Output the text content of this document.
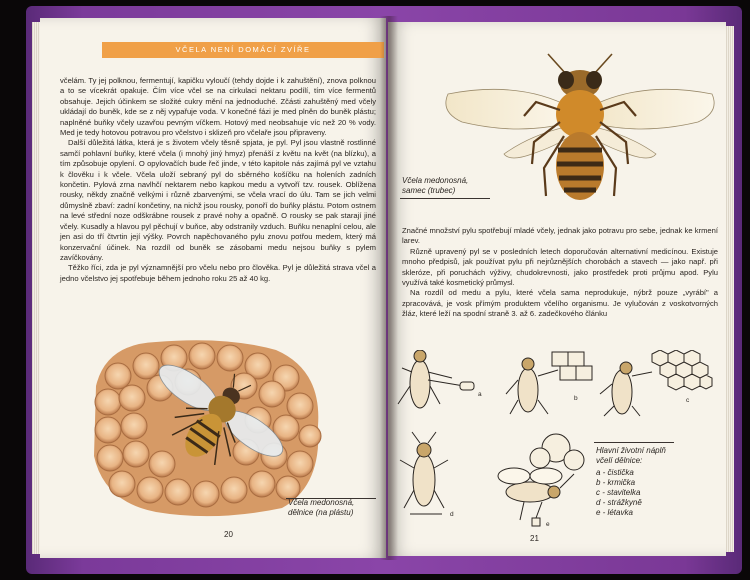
VČELA NENÍ DOMÁCÍ ZVÍŘE

včelám. Ty jej polknou, fermentují, kapičku vyloučí (tehdy dojde i k zahuštění), znova polknou a to se vícekrát opakuje. Čím více včel se na cirkulaci nektaru podílí, tím více fermentů obsahuje. Jejich účinkem se složité cukry mění na jednoduché. Zčásti zahuštěný med včely ukládají do buněk, kde se z něj vypařuje voda. V konečné fázi je med plněn do buněk plástu; naplněné buňky včely uzavřou pevným víčkem. Hotový med neobsahuje víc než 20 % vody. Med je tedy hotovou potravou pro včelstvo i sklizeň pro včelaře jsou připraveny.

Další důležitá látka, která je s životem včely těsně spjata, je pyl. Pyl jsou vlastně rostlinné samčí pohlavní buňky, které včela (i mnohý jiný hmyz) přenáší z květu na květ (na blízku), a tím způsobuje opylení. O opylovačích bude řeč jinde, v této kapitole nás zajímá pyl ve vztahu k člověku i k včele. Včela uloží sebraný pyl do sběrného košíčku na holeních zadních končetin. Pylová zrna navlhčí nektarem nebo kapkou medu a vytvoří tzv. rousek. Oblížena rousky, někdy značně velkými i různě zbarvenými, se včela vrací do úlu. Tam se jich velmi důmyslně zbaví: zadní končetiny, na nichž jsou rousky, ponoří do buňky plástu. Potom ostnem na levé střední noze odškrábne rousek z pravé nohy a opačně. O rousky se pak starají jiné včely. Kusadly a hlavou pyl pěchují v buňce, aby odstranily vzduch. Buňku nenaplní celou, ale jen asi do tří čtvrtin její výšky. Povrch napěchovaného pylu znovu potřou medem, který má konzervační účinek. Na rozdíl od buněk se zásobami medu nejsou buňky s pylem zavíčkovány.

Těžko říci, zda je pyl významnější pro včelu nebo pro člověka. Pyl je důležitá strava včel a jedno včelstvo jej spotřebuje během jednoho roku 25 až 40 kg.

Včela medonosná,
dělnice (na plástu)
20
Včela medonosná,
samec (trubec)

Značné množství pylu spotřebují mladé včely, jednak jako potravu pro sebe, jednak ke krmení larev.

Různě upravený pyl se v posledních letech doporučován alternativní medicínou. Existuje mnoho předpisů, jak používat pylu při nejrůznějších chorobách a stavech — jako např. při skleróze, při poruchách výživy, chudokrevnosti, jako prostředek proti průjmu apod. Pylu využívá také kosmetický průmysl.

Na rozdíl od medu a pylu, které včela sama neprodukuje, nýbrž pouze „vyrábí" a zpracovává, je vosk přímým produktem včelího organismu. Je vylučován z voskotvorných žláz, které leží na spodní straně 3. až 6. zadečkového článku

a
b	c
d
e
Hlavní životní náplň
včelí dělnice:
a - čistička
b - krmička
c - stavitelka
d - strážkyně
e - létavka
21
